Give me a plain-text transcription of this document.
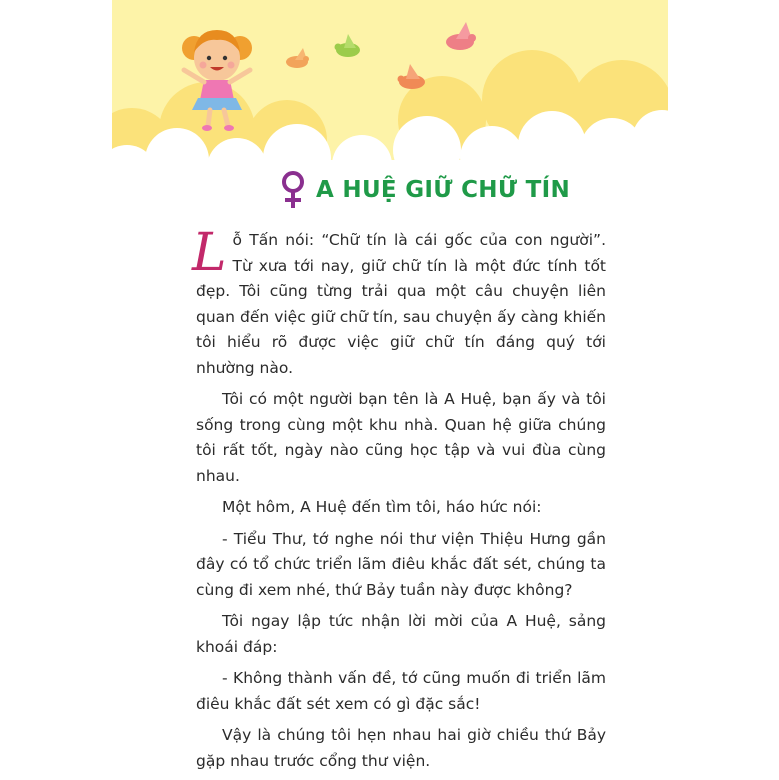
A HUỆ GIỮ CHỮ TÍN

Lỗ Tấn nói: “Chữ tín là cái gốc của con người”. Từ xưa tới nay, giữ chữ tín là một đức tính tốt đẹp. Tôi cũng từng trải qua một câu chuyện liên quan đến việc giữ chữ tín, sau chuyện ấy càng khiến tôi hiểu rõ được việc giữ chữ tín đáng quý tới nhường nào.

Tôi có một người bạn tên là A Huệ, bạn ấy và tôi sống trong cùng một khu nhà. Quan hệ giữa chúng tôi rất tốt, ngày nào cũng học tập và vui đùa cùng nhau.

Một hôm, A Huệ đến tìm tôi, háo hức nói:

- Tiểu Thư, tớ nghe nói thư viện Thiệu Hưng gần đây có tổ chức triển lãm điêu khắc đất sét, chúng ta cùng đi xem nhé, thứ Bảy tuần này được không?

Tôi ngay lập tức nhận lời mời của A Huệ, sảng khoái đáp:

- Không thành vấn đề, tớ cũng muốn đi triển lãm điêu khắc đất sét xem có gì đặc sắc!

Vậy là chúng tôi hẹn nhau hai giờ chiều thứ Bảy gặp nhau trước cổng thư viện.
